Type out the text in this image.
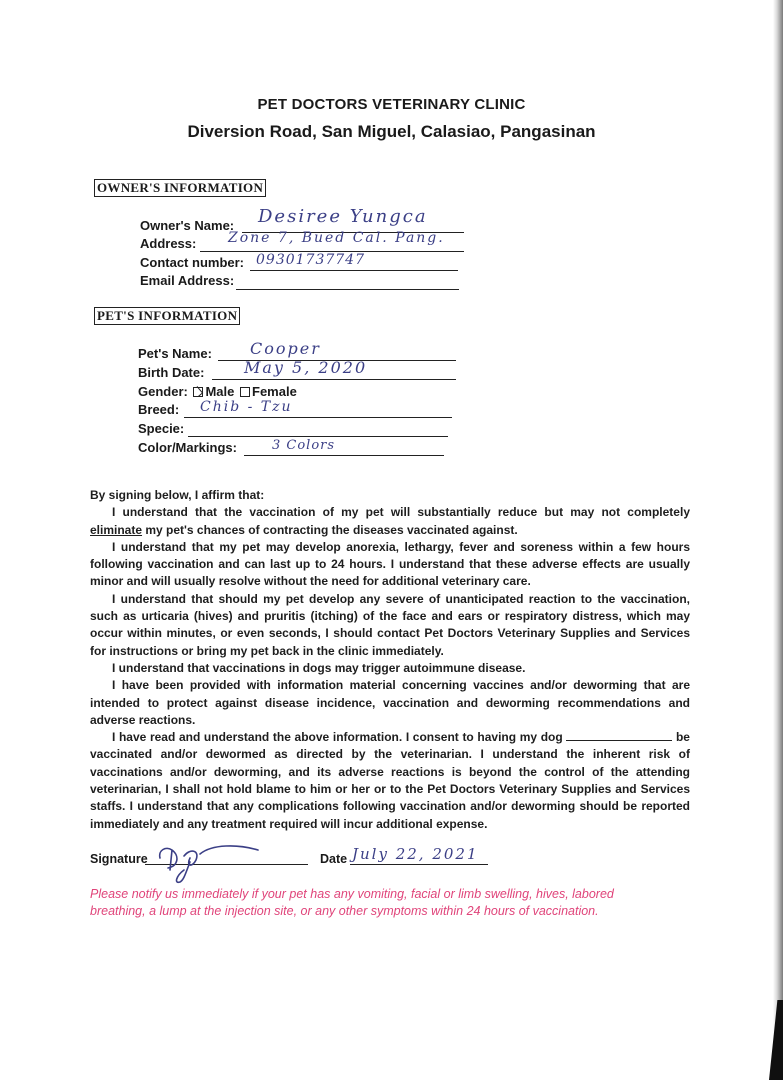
PET DOCTORS VETERINARY CLINIC
Diversion Road, San Miguel, Calasiao, Pangasinan
OWNER'S INFORMATION
Owner's Name: Desiree Yungca
Address: Zone 7, Bued Cal. Pang.
Contact number: 09301737747
Email Address:
PET'S INFORMATION
Pet's Name: Cooper
Birth Date: May 5, 2020
Gender: Male Female
Breed: Chib - Tzu
Specie:
Color/Markings:	3 Colors

By signing below, I affirm that:

I understand that the vaccination of my pet will substantially reduce but may not completely eliminate my pet's chances of contracting the diseases vaccinated against.

I understand that my pet may develop anorexia, lethargy, fever and soreness within a few hours following vaccination and can last up to 24 hours. I understand that these adverse effects are usually minor and will usually resolve without the need for additional veterinary care.

I understand that should my pet develop any severe of unanticipated reaction to the vaccination, such as urticaria (hives) and pruritis (itching) of the face and ears or respiratory distress, which may occur within minutes, or even seconds, I should contact Pet Doctors Veterinary Supplies and Services for instructions or bring my pet back in the clinic immediately.

I understand that vaccinations in dogs may trigger autoimmune disease.

I have been provided with information material concerning vaccines and/or deworming that are intended to protect against disease incidence, vaccination and deworming recommendations and adverse reactions.

I have read and understand the above information. I consent to having my dog	be vaccinated and/or dewormed as directed by the veterinarian. I understand the inherent risk of vaccinations and/or deworming, and its adverse reactions is beyond the control of the attending veterinarian, I shall not hold blame to him or her or to the Pet Doctors Veterinary Supplies and Services staffs. I understand that any complications following vaccination and/or deworming should be reported immediately and any treatment required will incur additional expense.

Signature	Date July 22, 2021
Please notify us immediately if your pet has any vomiting, facial or limb swelling, hives, labored breathing, a lump at the injection site, or any other symptoms within 24 hours of vaccination.
